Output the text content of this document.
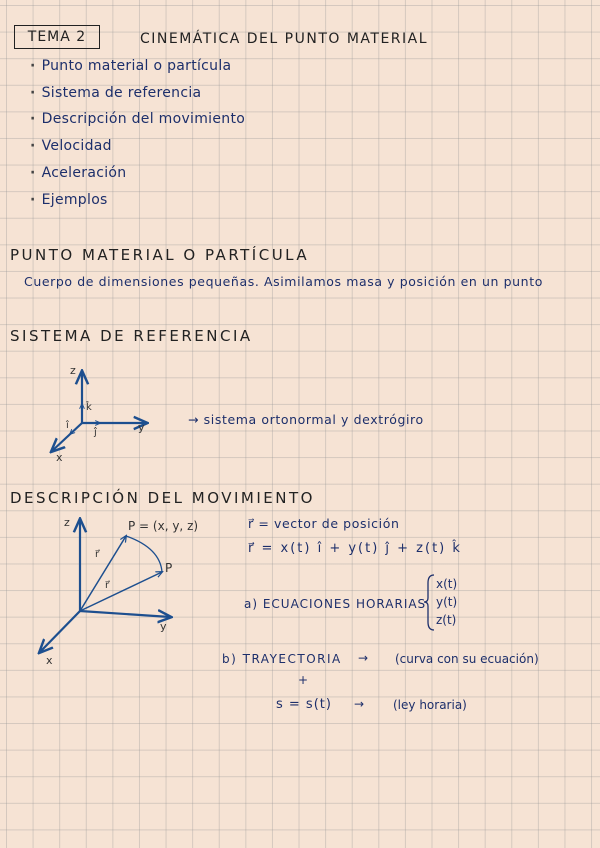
TEMA 2	CINEMÁTICA DEL PUNTO MATERIAL
· Punto material o partícula
· Sistema de referencia
· Descripción del movimiento
· Velocidad
· Aceleración
· Ejemplos
PUNTO MATERIAL O PARTÍCULA
Cuerpo de dimensiones pequeñas. Asimilamos masa y posición en un punto
SISTEMA DE REFERENCIA
z
y
x
k̂
ĵ
î
z
y
x
P = (x, y, z)
P
r⃗
r⃗
→ sistema ortonormal y dextrógiro
DESCRIPCIÓN DEL MOVIMIENTO
r⃗ = vector de posición
r⃗ = x(t) î + y(t) ĵ + z(t) k̂
a) ECUACIONES HORARIAS
x(t)
y(t)
z(t)
b) TRAYECTORIA → (curva con su ecuación)
+
s = s(t) → (ley horaria)
